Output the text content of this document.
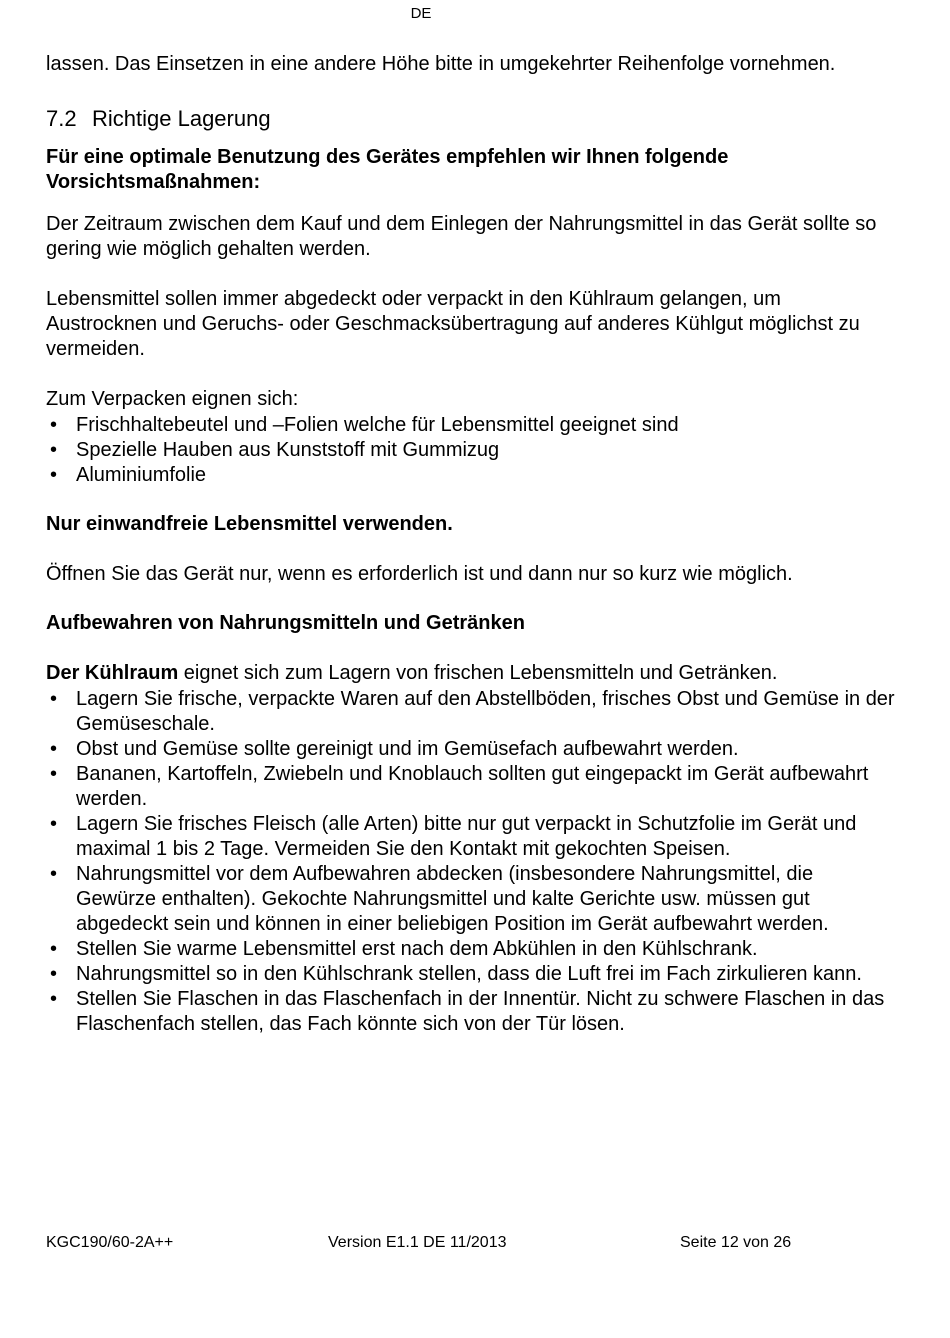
DE

lassen. Das Einsetzen in eine andere Höhe bitte in umgekehrter Reihenfolge vornehmen.

7.2 Richtige Lagerung

Für eine optimale Benutzung des Gerätes empfehlen wir Ihnen folgende Vorsichtsmaßnahmen:

Der Zeitraum zwischen dem Kauf und dem Einlegen der Nahrungsmittel in das Gerät sollte so gering wie möglich gehalten werden.

Lebensmittel sollen immer abgedeckt oder verpackt in den Kühlraum gelangen, um Austrocknen und Geruchs- oder Geschmacksübertragung auf anderes Kühlgut möglichst zu vermeiden.

Zum Verpacken eignen sich:

• Frischhaltebeutel und –Folien welche für Lebensmittel geeignet sind
• Spezielle Hauben aus Kunststoff mit Gummizug
• Aluminiumfolie

Nur einwandfreie Lebensmittel verwenden.

Öffnen Sie das Gerät nur, wenn es erforderlich ist und dann nur so kurz wie möglich.

Aufbewahren von Nahrungsmitteln und Getränken

Der Kühlraum eignet sich zum Lagern von frischen Lebensmitteln und Getränken.

• Lagern Sie frische, verpackte Waren auf den Abstellböden, frisches Obst und Gemüse in der Gemüseschale.
• Obst und Gemüse sollte gereinigt und im Gemüsefach aufbewahrt werden.
• Bananen, Kartoffeln, Zwiebeln und Knoblauch sollten gut eingepackt im Gerät aufbewahrt werden.
• Lagern Sie frisches Fleisch (alle Arten) bitte nur gut verpackt in Schutzfolie im Gerät und maximal 1 bis 2 Tage. Vermeiden Sie den Kontakt mit gekochten Speisen.
• Nahrungsmittel vor dem Aufbewahren abdecken (insbesondere Nahrungsmittel, die Gewürze enthalten). Gekochte Nahrungsmittel und kalte Gerichte usw. müssen gut abgedeckt sein und können in einer beliebigen Position im Gerät aufbewahrt werden.
• Stellen Sie warme Lebensmittel erst nach dem Abkühlen in den Kühlschrank.
• Nahrungsmittel so in den Kühlschrank stellen, dass die Luft frei im Fach zirkulieren kann.
• Stellen Sie Flaschen in das Flaschenfach in der Innentür. Nicht zu schwere Flaschen in das Flaschenfach stellen, das Fach könnte sich von der Tür lösen.
KGC190/60-2A++	Version E1.1 DE 11/2013	Seite 12 von 26
